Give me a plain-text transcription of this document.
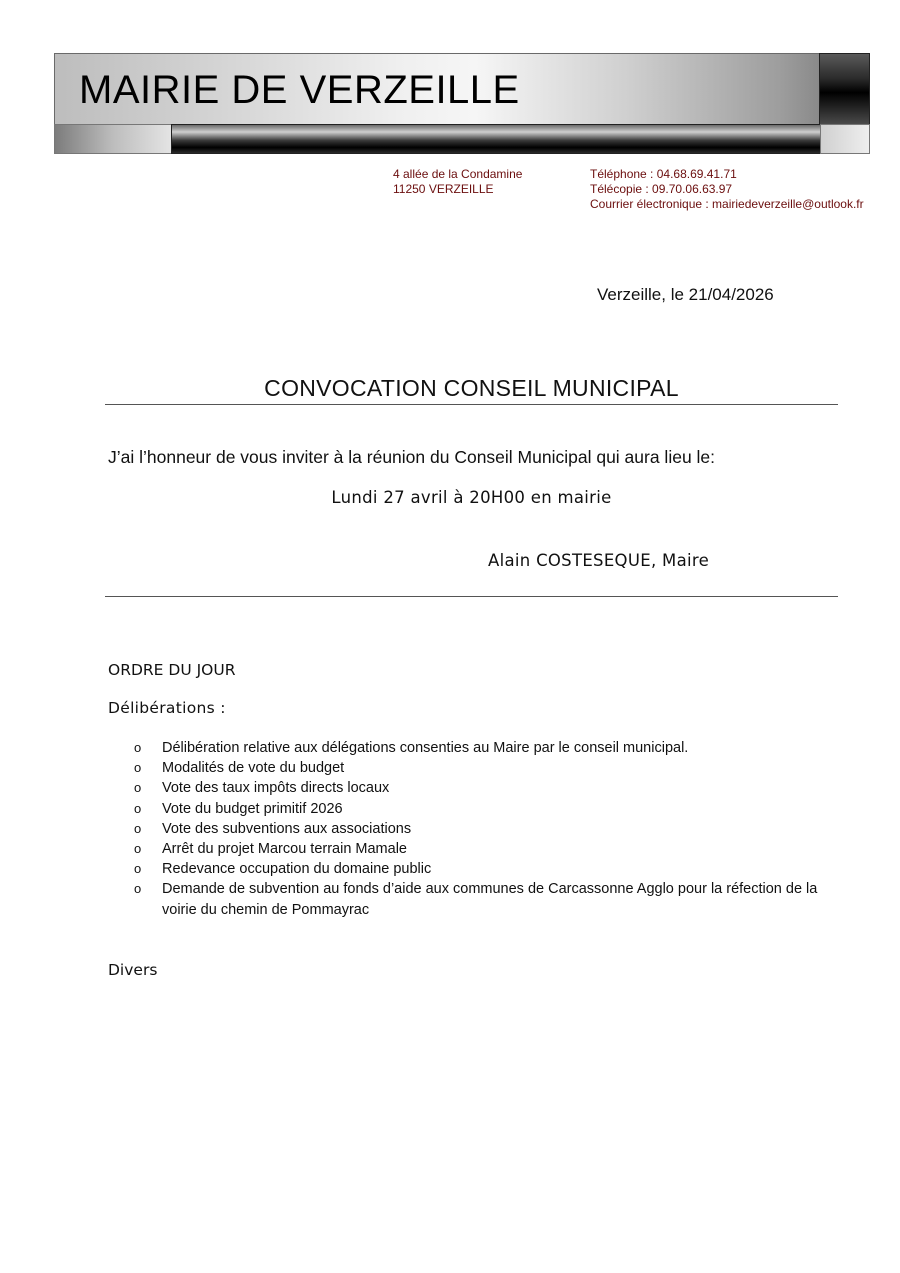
MAIRIE DE VERZEILLE
4 allée de la Condamine
11250 VERZEILLE
Téléphone : 04.68.69.41.71
Télécopie : 09.70.06.63.97
Courrier électronique : mairiedeverzeille@outlook.fr
Verzeille, le 21/04/2026
CONVOCATION CONSEIL MUNICIPAL
J’ai l’honneur de vous inviter à la réunion du Conseil Municipal qui aura lieu le:
Lundi 27 avril à 20H00 en mairie
Alain COSTESEQUE, Maire
ORDRE DU JOUR
Délibérations :
o Délibération relative aux délégations consenties au Maire par le conseil municipal.
o Modalités de vote du budget
o Vote des taux impôts directs locaux
o Vote du budget primitif 2026
o Vote des subventions aux associations
o Arrêt du projet Marcou terrain Mamale
o Redevance occupation du domaine public
o Demande de subvention au fonds d’aide aux communes de Carcassonne Agglo pour la réfection de la voirie du chemin de Pommayrac
Divers
